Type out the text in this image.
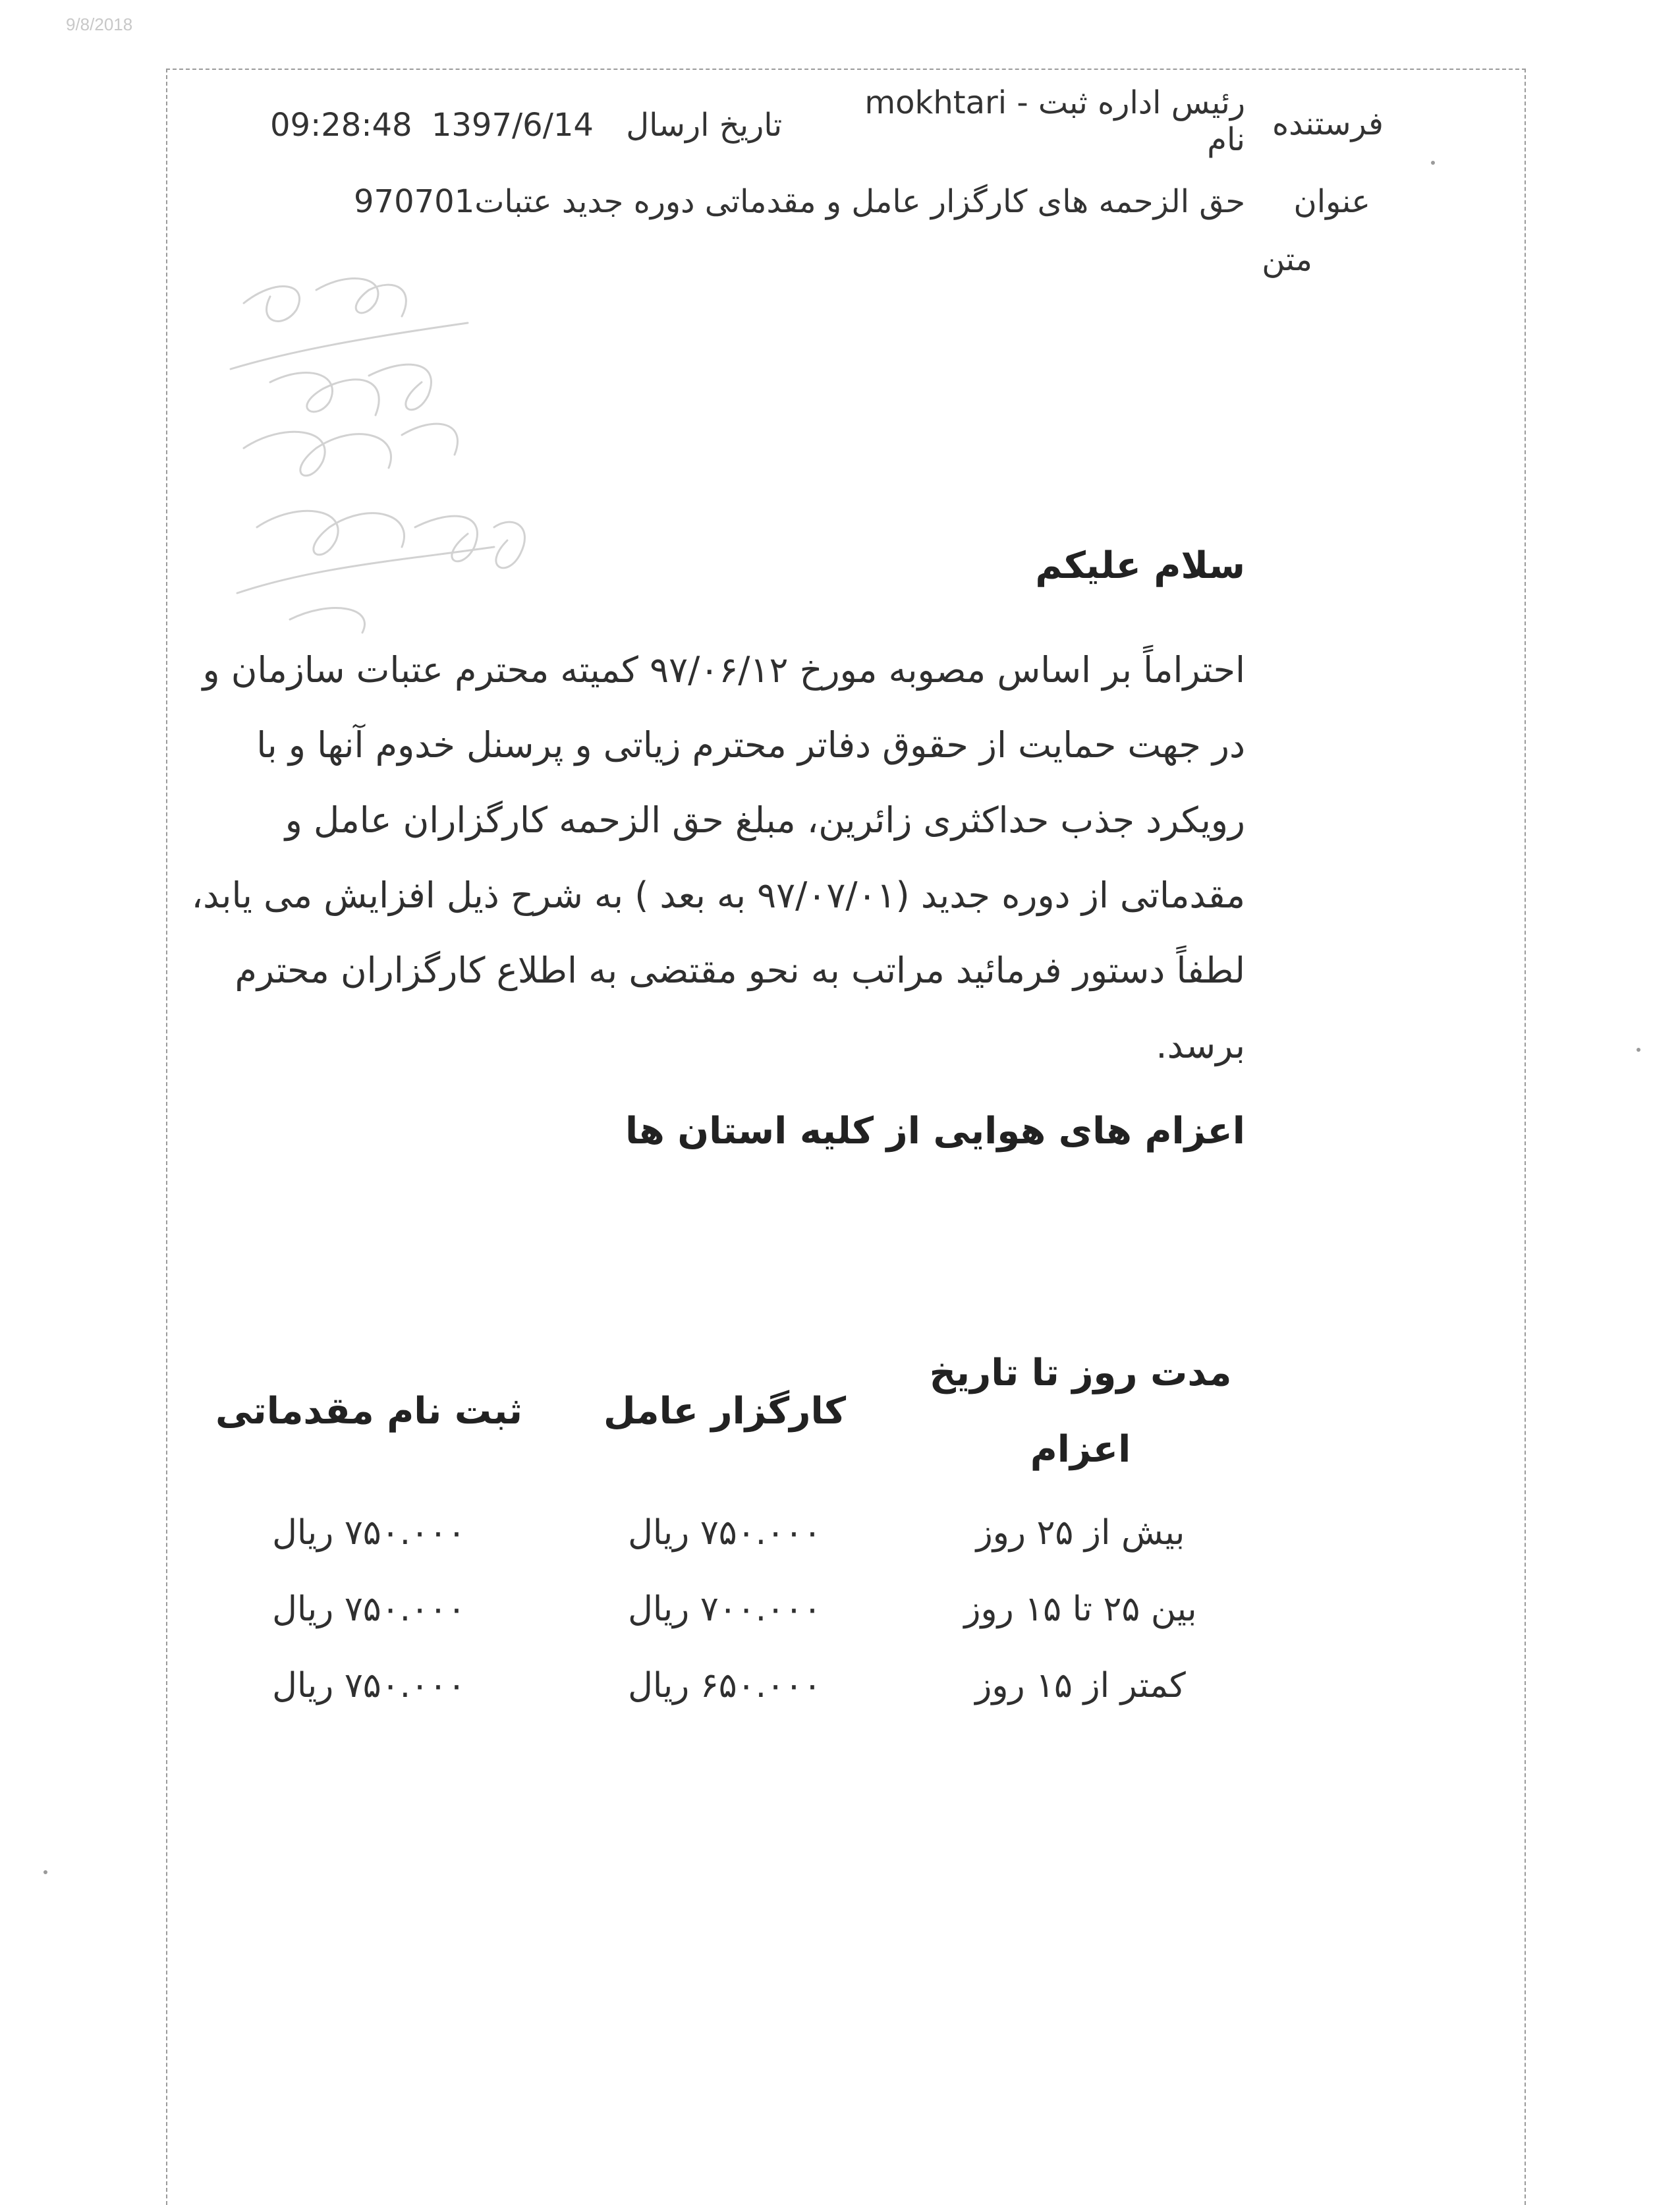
9/8/2018
فرستنده
mokhtari - رئیس اداره ثبت
نام
09:28:48 1397/6/14 تاریخ ارسال
عنوان
حق الزحمه های کارگزار عامل و مقدماتی دوره جدید عتبات970701
متن
سلام علیکم
احتراماً بر اساس مصوبه مورخ ۹۷/۰۶/۱۲ کمیته محترم عتبات سازمان و در جهت حمایت از حقوق دفاتر محترم زیاتی و پرسنل خدوم آنها و با رویکرد جذب حداکثری زائرین، مبلغ حق الزحمه کارگزاران عامل و مقدماتی از دوره جدید (۹۷/۰۷/۰۱ به بعد ) به شرح ذیل افزایش می یابد، لطفاً دستور فرمائید مراتب به نحو مقتضی به اطلاع کارگزاران محترم برسد.
اعزام های هوایی از کلیه استان ها
مدت روز تا تاریخ اعزام
کارگزار عامل
ثبت نام مقدماتی
بیش از ۲۵ روز
۷۵۰.۰۰۰ ریال
۷۵۰.۰۰۰ ریال
بین ۲۵ تا ۱۵ روز
۷۰۰.۰۰۰ ریال
۷۵۰.۰۰۰ ریال
کمتر از ۱۵ روز
۶۵۰.۰۰۰ ریال
۷۵۰.۰۰۰ ریال
